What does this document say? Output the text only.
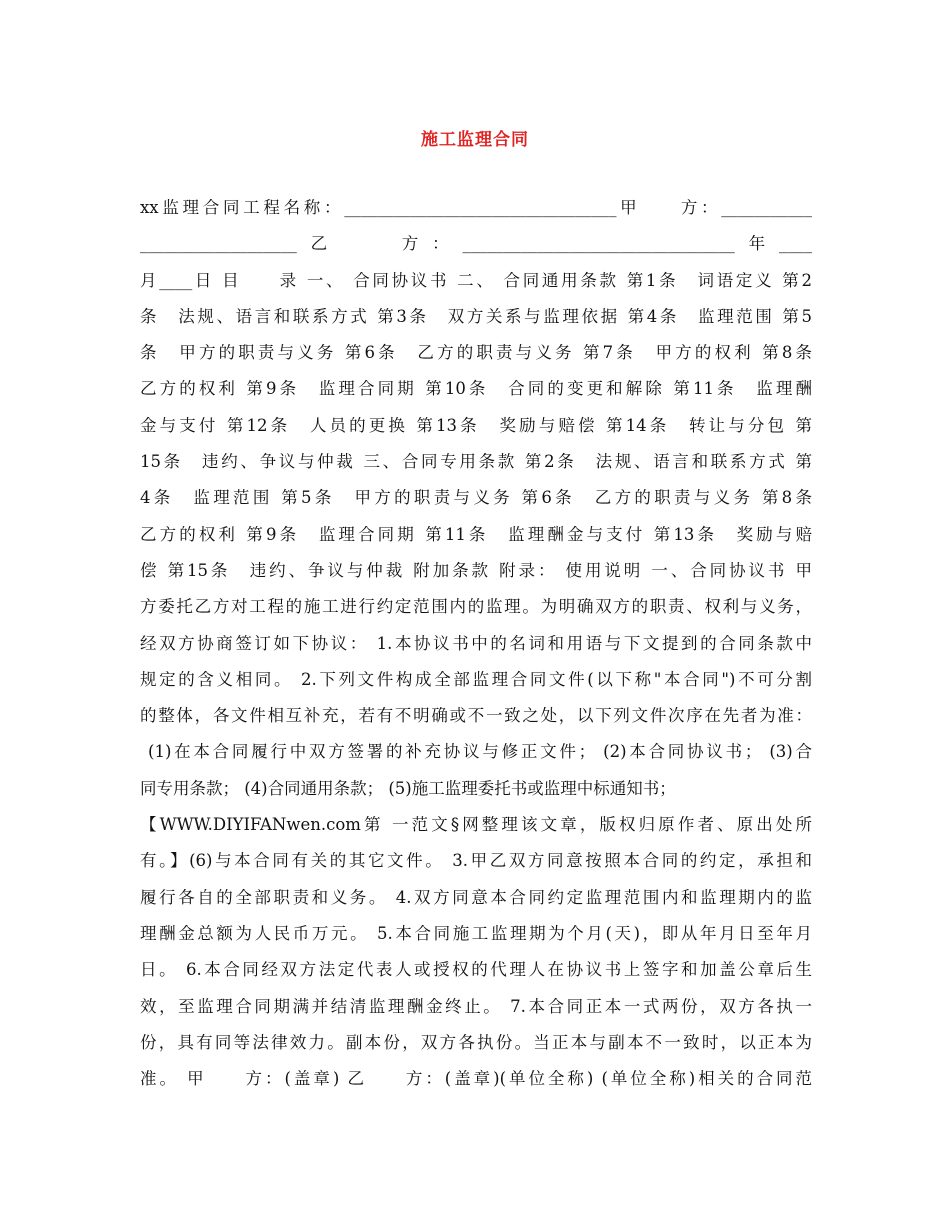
施工监理合同
xx监理合同工程名称：_________________________________甲　　方：___________
___________________乙　　方：_________________________________年____
月____日 目　　录 一、 合同协议书 二、 合同通用条款 第1条　词语定义 第2
条　法规、语言和联系方式 第3条　双方关系与监理依据 第4条　监理范围 第5
条　甲方的职责与义务 第6条　乙方的职责与义务 第7条　甲方的权利 第8条
乙方的权利 第9条　监理合同期 第10条　合同的变更和解除 第11条　监理酬
金与支付 第12条　人员的更换 第13条　奖励与赔偿 第14条　转让与分包 第
15条　违约、争议与仲裁 三、合同专用条款 第2条　法规、语言和联系方式 第
4条　监理范围 第5条　甲方的职责与义务 第6条　乙方的职责与义务 第8条
乙方的权利 第9条　监理合同期 第11条　监理酬金与支付 第13条　奖励与赔
偿 第15条　违约、争议与仲裁 附加条款 附录： 使用说明 一、合同协议书 甲
方委托乙方对工程的施工进行约定范围内的监理。为明确双方的职责、权利与义务，
经双方协商签订如下协议： 1.本协议书中的名词和用语与下文提到的合同条款中
规定的含义相同。 2.下列文件构成全部监理合同文件(以下称"本合同")不可分割
的整体，各文件相互补充，若有不明确或不一致之处，以下列文件次序在先者为准：
(1)在本合同履行中双方签署的补充协议与修正文件； (2)本合同协议书； (3)合
同专用条款； (4)合同通用条款； (5)施工监理委托书或监理中标通知书；
【WWW.DIYIFANwen.com第 一范文§网整理该文章，版权归原作者、原出处所
有。】(6)与本合同有关的其它文件。 3.甲乙双方同意按照本合同的约定，承担和
履行各自的全部职责和义务。 4.双方同意本合同约定监理范围内和监理期内的监
理酬金总额为人民币万元。 5.本合同施工监理期为个月(天)，即从年月日至年月
日。 6.本合同经双方法定代表人或授权的代理人在协议书上签字和加盖公章后生
效，至监理合同期满并结清监理酬金终止。 7.本合同正本一式两份，双方各执一
份，具有同等法律效力。副本份，双方各执份。当正本与副本不一致时，以正本为
准。 甲　　方：(盖章) 乙　　方：(盖章)(单位全称) (单位全称)相关的合同范
